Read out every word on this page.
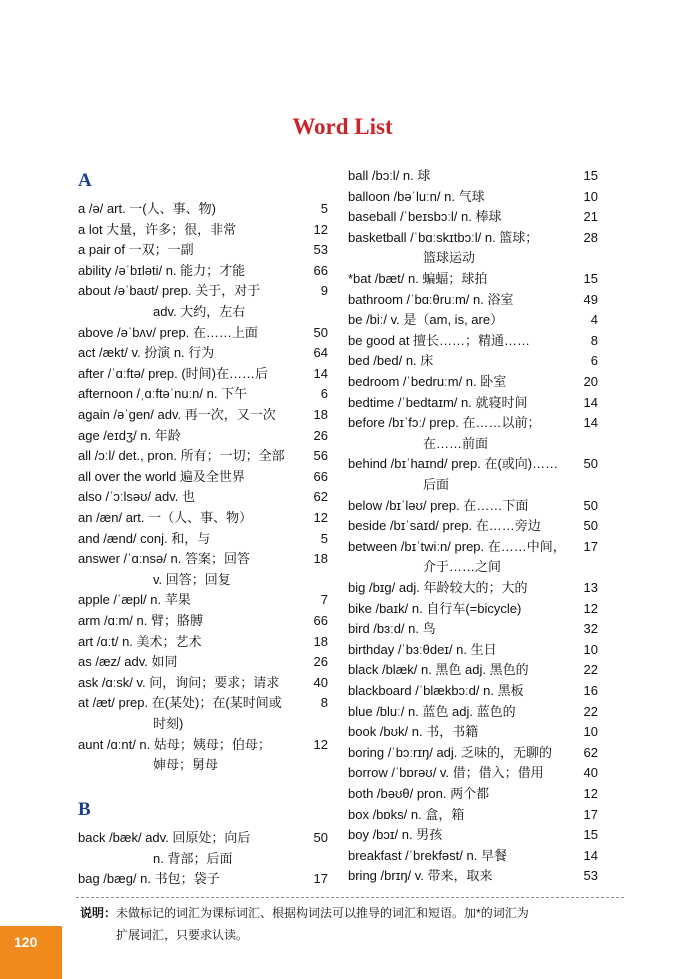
Word List
A
B
a /ə/ art. 一(人、事、物)	5
a lot 大量，许多；很，非常	12
a pair of 一双；一副	53
ability /əˈbɪləti/ n. 能力；才能	66
about /əˈbaʊt/ prep. 关于，对于	9
adv. 大约，左右
above /əˈbʌv/ prep. 在……上面	50
act /ækt/ v. 扮演 n. 行为	64
after /ˈɑːftə/ prep. (时间)在……后	14
afternoon /ˌɑːftəˈnuːn/ n. 下午	6
again /əˈɡen/ adv. 再一次，又一次	18
age /eɪdʒ/ n. 年龄	26
all /ɔːl/ det., pron. 所有；一切；全部	56
all over the world 遍及全世界	66
also /ˈɔːlsəʊ/ adv. 也	62
an /æn/ art. 一（人、事、物）	12
and /ænd/ conj. 和，与	5
answer /ˈɑːnsə/ n. 答案；回答	18
v. 回答；回复
apple /ˈæpl/ n. 苹果	7
arm /ɑːm/ n. 臂；胳膊	66
art /ɑːt/ n. 美术；艺术	18
as /æz/ adv. 如同	26
ask /ɑːsk/ v. 问，询问；要求；请求	40
at /æt/ prep. 在(某处)；在(某时间或	8
时刻)
aunt /ɑːnt/ n. 姑母；姨母；伯母；	12
婶母；舅母
back /bæk/ adv. 回原处；向后	50
n. 背部；后面
bag /bæɡ/ n. 书包；袋子	17
ball /bɔːl/ n. 球	15
balloon /bəˈluːn/ n. 气球	10
baseball /ˈbeɪsbɔːl/ n. 棒球	21
basketball /ˈbɑːskɪtbɔːl/ n. 篮球；	28
篮球运动
*bat /bæt/ n. 蝙蝠；球拍	15
bathroom /ˈbɑːθruːm/ n. 浴室	49
be /biː/ v. 是（am, is, are）	4
be good at 擅长……；精通……	8
bed /bed/ n. 床	6
bedroom /ˈbedruːm/ n. 卧室	20
bedtime /ˈbedtaɪm/ n. 就寝时间	14
before /bɪˈfɔː/ prep. 在……以前；	14
在……前面
behind /bɪˈhaɪnd/ prep. 在(或向)……	50
后面
below /bɪˈləʊ/ prep. 在……下面	50
beside /bɪˈsaɪd/ prep. 在……旁边	50
between /bɪˈtwiːn/ prep. 在……中间，	17
介于……之间
big /bɪɡ/ adj. 年龄较大的；大的	13
bike /baɪk/ n. 自行车(=bicycle)	12
bird /bɜːd/ n. 鸟	32
birthday /ˈbɜːθdeɪ/ n. 生日	10
black /blæk/ n. 黑色 adj. 黑色的	22
blackboard /ˈblækbɔːd/ n. 黑板	16
blue /bluː/ n. 蓝色 adj. 蓝色的	22
book /bʊk/ n. 书，书籍	10
boring /ˈbɔːrɪŋ/ adj. 乏味的，无聊的	62
borrow /ˈbɒrəʊ/ v. 借；借入；借用	40
both /bəʊθ/ pron. 两个都	12
box /bɒks/ n. 盒，箱	17
boy /bɔɪ/ n. 男孩	15
breakfast /ˈbrekfəst/ n. 早餐	14
bring /brɪŋ/ v. 带来，取来	53
说明：未做标记的词汇为课标词汇、根据构词法可以推导的词汇和短语。加*的词汇为
扩展词汇，只要求认读。
120
